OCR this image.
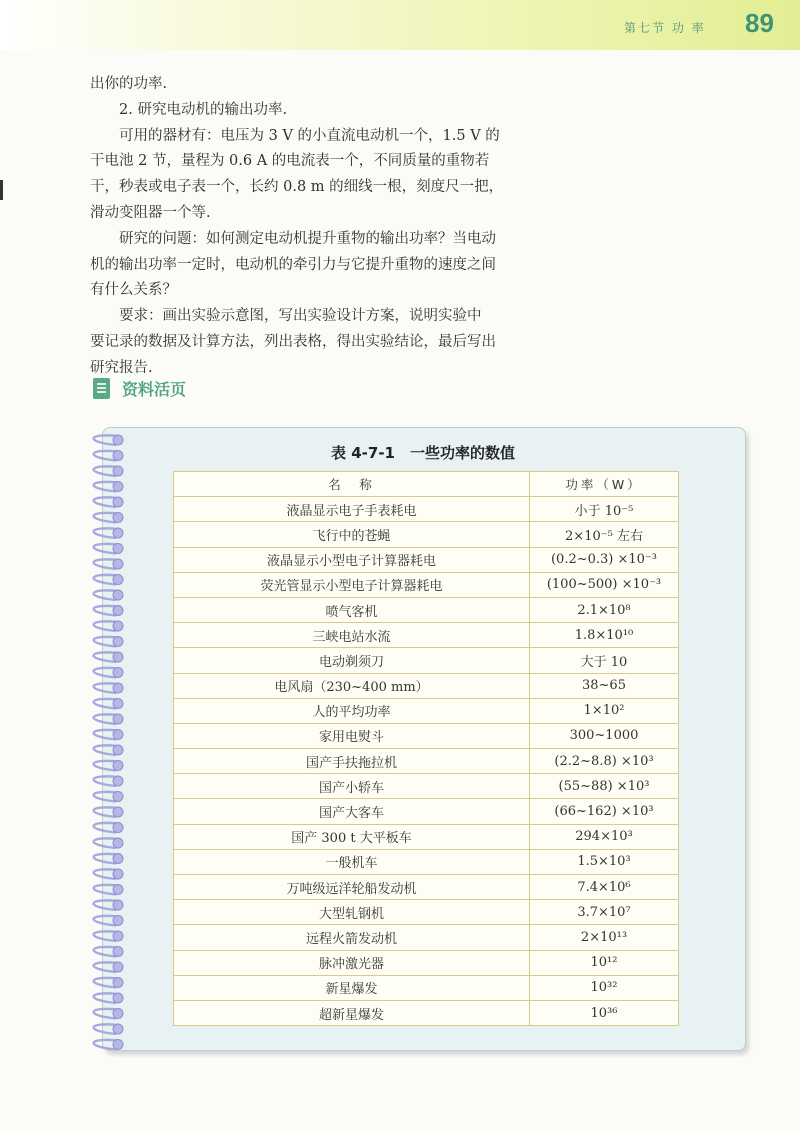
第七节 功 率 89

出你的功率.

2. 研究电动机的输出功率.

可用的器材有：电压为 3 V 的小直流电动机一个，1.5 V 的

干电池 2 节，量程为 0.6 A 的电流表一个，不同质量的重物若

干，秒表或电子表一个，长约 0.8 m 的细线一根，刻度尺一把，

滑动变阻器一个等.

研究的问题：如何测定电动机提升重物的输出功率？当电动

机的输出功率一定时，电动机的牵引力与它提升重物的速度之间

有什么关系？

要求：画出实验示意图，写出实验设计方案，说明实验中

要记录的数据及计算方法，列出表格，得出实验结论，最后写出

研究报告.

资料活页
表 4-7-1　一些功率的数值
名　称	功率（W）
液晶显示电子手表耗电	小于 10⁻⁵
飞行中的苍蝇	2×10⁻⁵ 左右
液晶显示小型电子计算器耗电	(0.2~0.3) ×10⁻³
荧光管显示小型电子计算器耗电	(100~500) ×10⁻³
喷气客机	2.1×10⁸
三峡电站水流	1.8×10¹⁰
电动剃须刀	大于 10
电风扇（230~400 mm）	38~65
人的平均功率	1×10²
家用电熨斗	300~1000
国产手扶拖拉机	(2.2~8.8) ×10³
国产小轿车	(55~88) ×10³
国产大客车	(66~162) ×10³
国产 300 t 大平板车	294×10³
一般机车	1.5×10³
万吨级远洋轮船发动机	7.4×10⁶
大型轧钢机	3.7×10⁷
远程火箭发动机	2×10¹³
脉冲激光器	10¹²
新星爆发	10³²
超新星爆发	10³⁶
